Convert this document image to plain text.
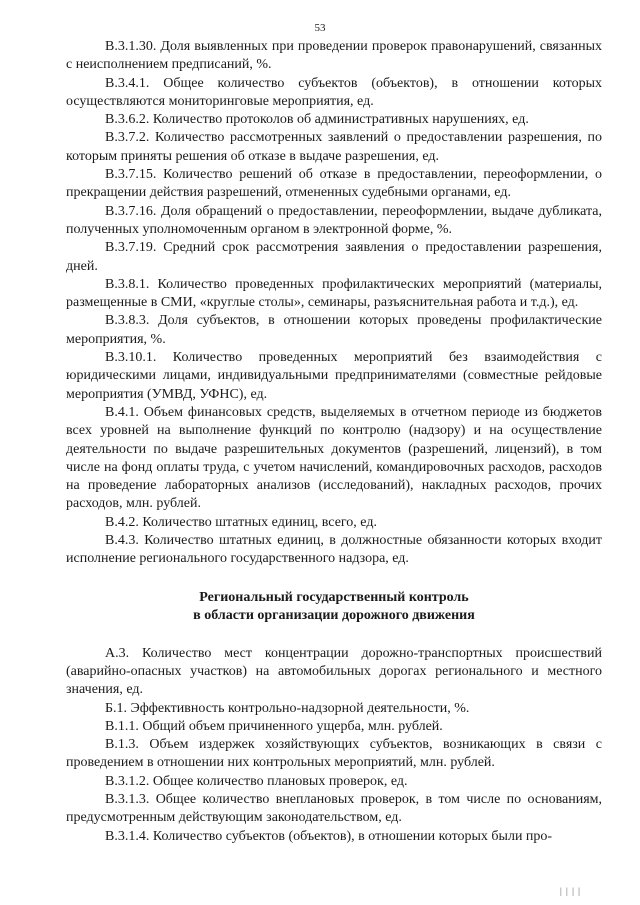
53

В.3.1.30. Доля выявленных при проведении проверок правонарушений, связанных с неисполнением предписаний, %.

В.3.4.1. Общее количество субъектов (объектов), в отношении которых осуществляются мониторинговые мероприятия, ед.

В.3.6.2. Количество протоколов об административных нарушениях, ед.

В.3.7.2. Количество рассмотренных заявлений о предоставлении разрешения, по которым приняты решения об отказе в выдаче разрешения, ед.

В.3.7.15. Количество решений об отказе в предоставлении, переоформлении, о прекращении действия разрешений, отмененных судебными органами, ед.

В.3.7.16. Доля обращений о предоставлении, переоформлении, выдаче дубликата, полученных уполномоченным органом в электронной форме, %.

В.3.7.19. Средний срок рассмотрения заявления о предоставлении разрешения, дней.

В.3.8.1. Количество проведенных профилактических мероприятий (материалы, размещенные в СМИ, «круглые столы», семинары, разъяснительная работа и т.д.), ед.

В.3.8.3. Доля субъектов, в отношении которых проведены профилактические мероприятия, %.

В.3.10.1. Количество проведенных мероприятий без взаимодействия с юридическими лицами, индивидуальными предпринимателями (совместные рейдовые мероприятия (УМВД, УФНС), ед.

В.4.1. Объем финансовых средств, выделяемых в отчетном периоде из бюджетов всех уровней на выполнение функций по контролю (надзору) и на осуществление деятельности по выдаче разрешительных документов (разрешений, лицензий), в том числе на фонд оплаты труда, с учетом начислений, командировочных расходов, расходов на проведение лабораторных анализов (исследований), накладных расходов, прочих расходов, млн. рублей.

В.4.2. Количество штатных единиц, всего, ед.

В.4.3. Количество штатных единиц, в должностные обязанности которых входит исполнение регионального государственного надзора, ед.

Региональный государственный контроль
в области организации дорожного движения

А.3. Количество мест концентрации дорожно-транспортных происшествий (аварийно-опасных участков) на автомобильных дорогах регионального и местного значения, ед.

Б.1. Эффективность контрольно-надзорной деятельности, %.

В.1.1. Общий объем причиненного ущерба, млн. рублей.

В.1.3. Объем издержек хозяйствующих субъектов, возникающих в связи с проведением в отношении них контрольных мероприятий, млн. рублей.

В.3.1.2. Общее количество плановых проверок, ед.

В.3.1.3. Общее количество внеплановых проверок, в том числе по основаниям, предусмотренным действующим законодательством, ед.

В.3.1.4. Количество субъектов (объектов), в отношении которых были про-

| | | |
